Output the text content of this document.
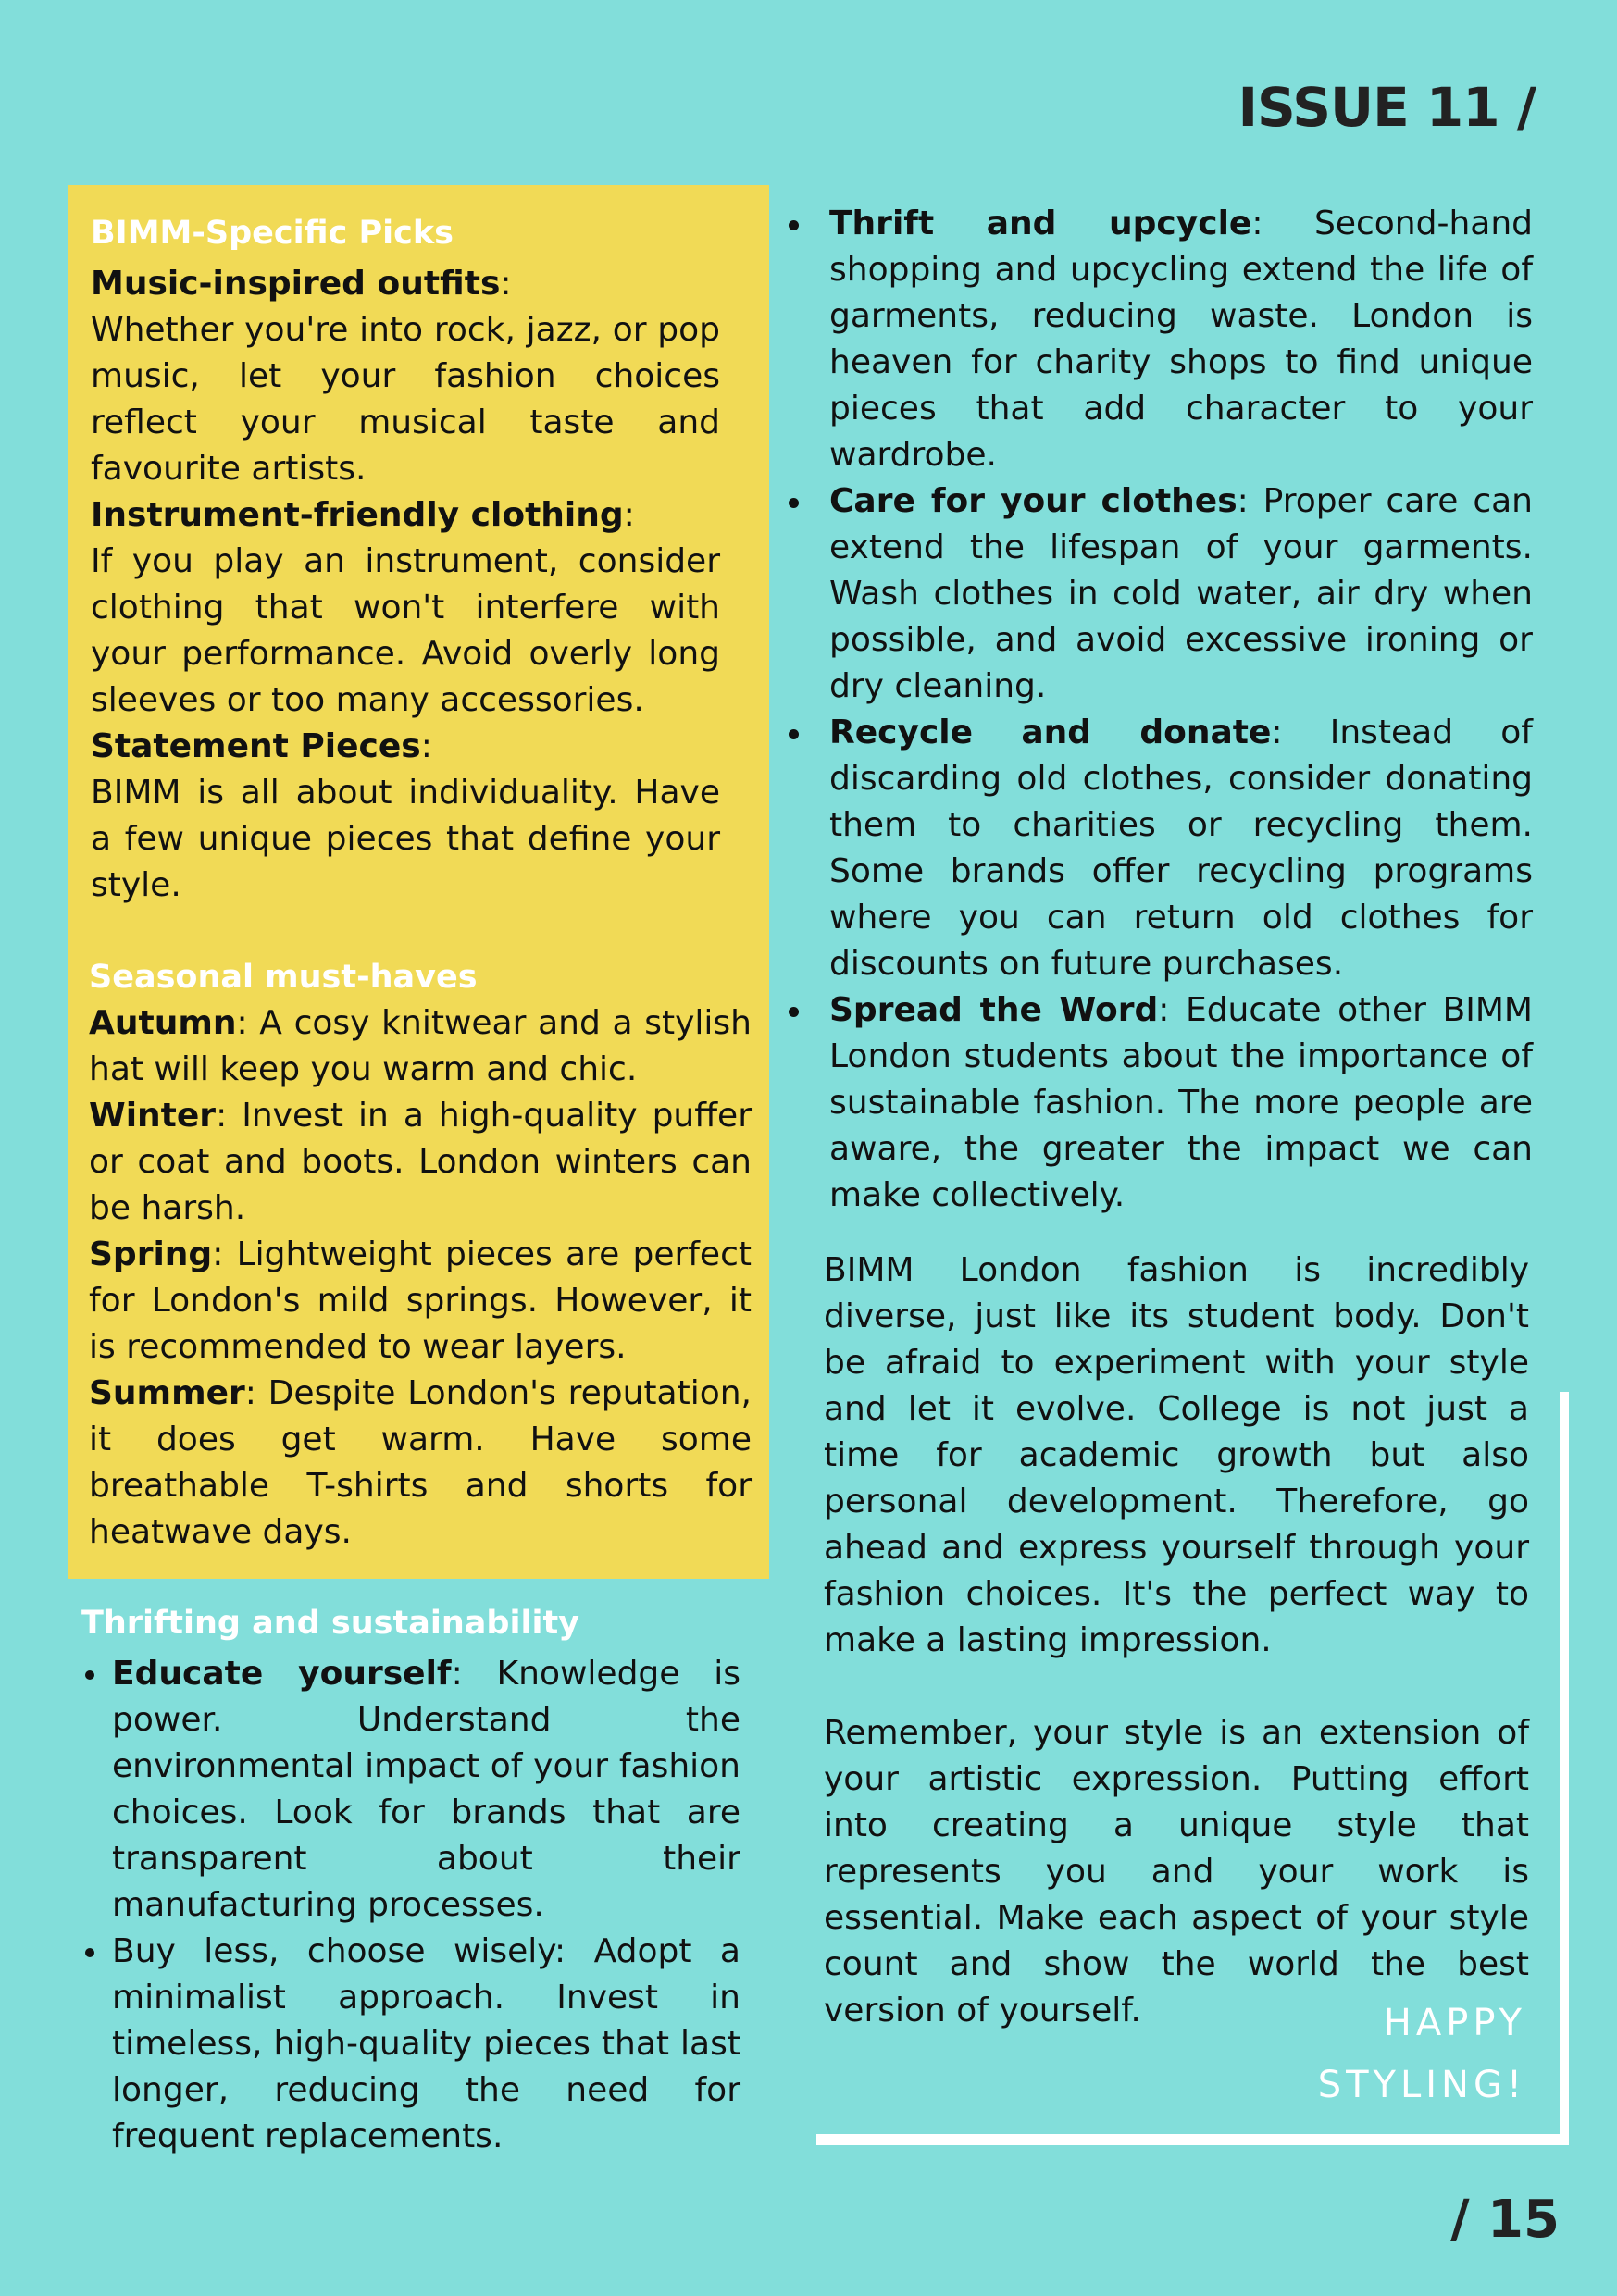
ISSUE 11 /
BIMM-Specific Picks
Music-inspired outfits:
Whether you're into rock, jazz, or pop music, let your fashion choices reflect your musical taste and favourite artists.
Instrument-friendly clothing:
If you play an instrument, consider clothing that won't interfere with your performance. Avoid overly long sleeves or too many accessories.
Statement Pieces:
BIMM is all about individuality. Have a few unique pieces that define your style.
Seasonal must-haves
Autumn: A cosy knitwear and a stylish hat will keep you warm and chic.
Winter: Invest in a high-quality puffer or coat and boots. London winters can be harsh.
Spring: Lightweight pieces are perfect for London's mild springs. However, it is recommended to wear layers.
Summer: Despite London's reputation, it does get warm. Have some breathable T-shirts and shorts for heatwave days.
Thrifting and sustainability
Educate yourself: Knowledge is power. Understand the environmental impact of your fashion choices. Look for brands that are transparent about their manufacturing processes.
Buy less, choose wisely: Adopt a minimalist approach. Invest in timeless, high-quality pieces that last longer, reducing the need for frequent replacements.
Thrift and upcycle: Second-hand shopping and upcycling extend the life of garments, reducing waste. London is heaven for charity shops to find unique pieces that add character to your wardrobe.
Care for your clothes: Proper care can extend the lifespan of your garments. Wash clothes in cold water, air dry when possible, and avoid excessive ironing or dry cleaning.
Recycle and donate: Instead of discarding old clothes, consider donating them to charities or recycling them. Some brands offer recycling programs where you can return old clothes for discounts on future purchases.
Spread the Word: Educate other BIMM London students about the importance of sustainable fashion. The more people are aware, the greater the impact we can make collectively.
BIMM London fashion is incredibly diverse, just like its student body. Don't be afraid to experiment with your style and let it evolve. College is not just a time for academic growth but also personal development. Therefore, go ahead and express yourself through your fashion choices. It's the perfect way to make a lasting impression.
Remember, your style is an extension of your artistic expression. Putting effort into creating a unique style that represents you and your work is essential. Make each aspect of your style count and show the world the best version of yourself.	HAPPY
STYLING!
/ 15
